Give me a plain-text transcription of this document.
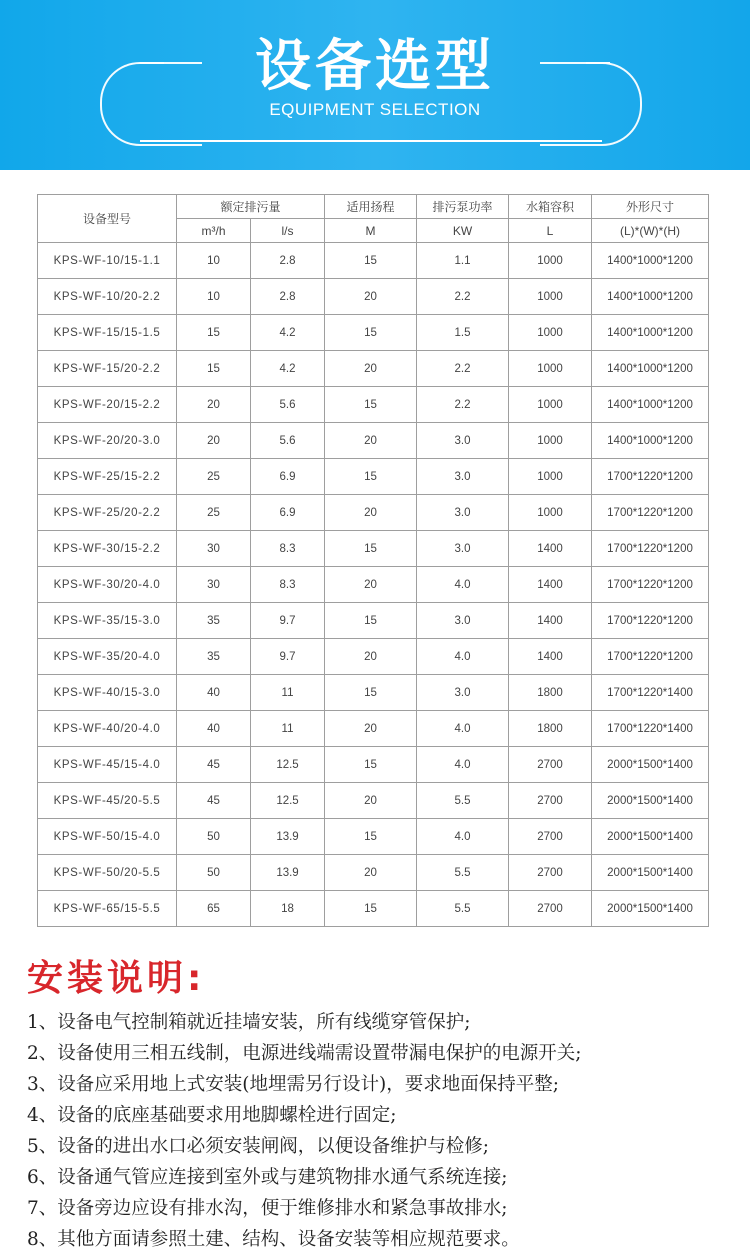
设备选型
EQUIPMENT SELECTION
设备型号	额定排污量		适用扬程	排污泵功率	水箱容积	外形尺寸
	m³/h	l/s	M	KW	L	(L)*(W)*(H)
KPS-WF-10/15-1.1	10	2.8	15	1.1	1000	1400*1000*1200
KPS-WF-10/20-2.2	10	2.8	20	2.2	1000	1400*1000*1200
KPS-WF-15/15-1.5	15	4.2	15	1.5	1000	1400*1000*1200
KPS-WF-15/20-2.2	15	4.2	20	2.2	1000	1400*1000*1200
KPS-WF-20/15-2.2	20	5.6	15	2.2	1000	1400*1000*1200
KPS-WF-20/20-3.0	20	5.6	20	3.0	1000	1400*1000*1200
KPS-WF-25/15-2.2	25	6.9	15	3.0	1000	1700*1220*1200
KPS-WF-25/20-2.2	25	6.9	20	3.0	1000	1700*1220*1200
KPS-WF-30/15-2.2	30	8.3	15	3.0	1400	1700*1220*1200
KPS-WF-30/20-4.0	30	8.3	20	4.0	1400	1700*1220*1200
KPS-WF-35/15-3.0	35	9.7	15	3.0	1400	1700*1220*1200
KPS-WF-35/20-4.0	35	9.7	20	4.0	1400	1700*1220*1200
KPS-WF-40/15-3.0	40	11	15	3.0	1800	1700*1220*1400
KPS-WF-40/20-4.0	40	11	20	4.0	1800	1700*1220*1400
KPS-WF-45/15-4.0	45	12.5	15	4.0	2700	2000*1500*1400
KPS-WF-45/20-5.5	45	12.5	20	5.5	2700	2000*1500*1400
KPS-WF-50/15-4.0	50	13.9	15	4.0	2700	2000*1500*1400
KPS-WF-50/20-5.5	50	13.9	20	5.5	2700	2000*1500*1400
KPS-WF-65/15-5.5	65	18	15	5.5	2700	2000*1500*1400
安装说明:
1、设备电气控制箱就近挂墙安装，所有线缆穿管保护;
2、设备使用三相五线制，电源进线端需设置带漏电保护的电源开关;
3、设备应采用地上式安装(地埋需另行设计)，要求地面保持平整;
4、设备的底座基础要求用地脚螺栓进行固定;
5、设备的进出水口必须安装闸阀，以便设备维护与检修;
6、设备通气管应连接到室外或与建筑物排水通气系统连接;
7、设备旁边应设有排水沟，便于维修排水和紧急事故排水;
8、其他方面请参照土建、结构、设备安装等相应规范要求。
